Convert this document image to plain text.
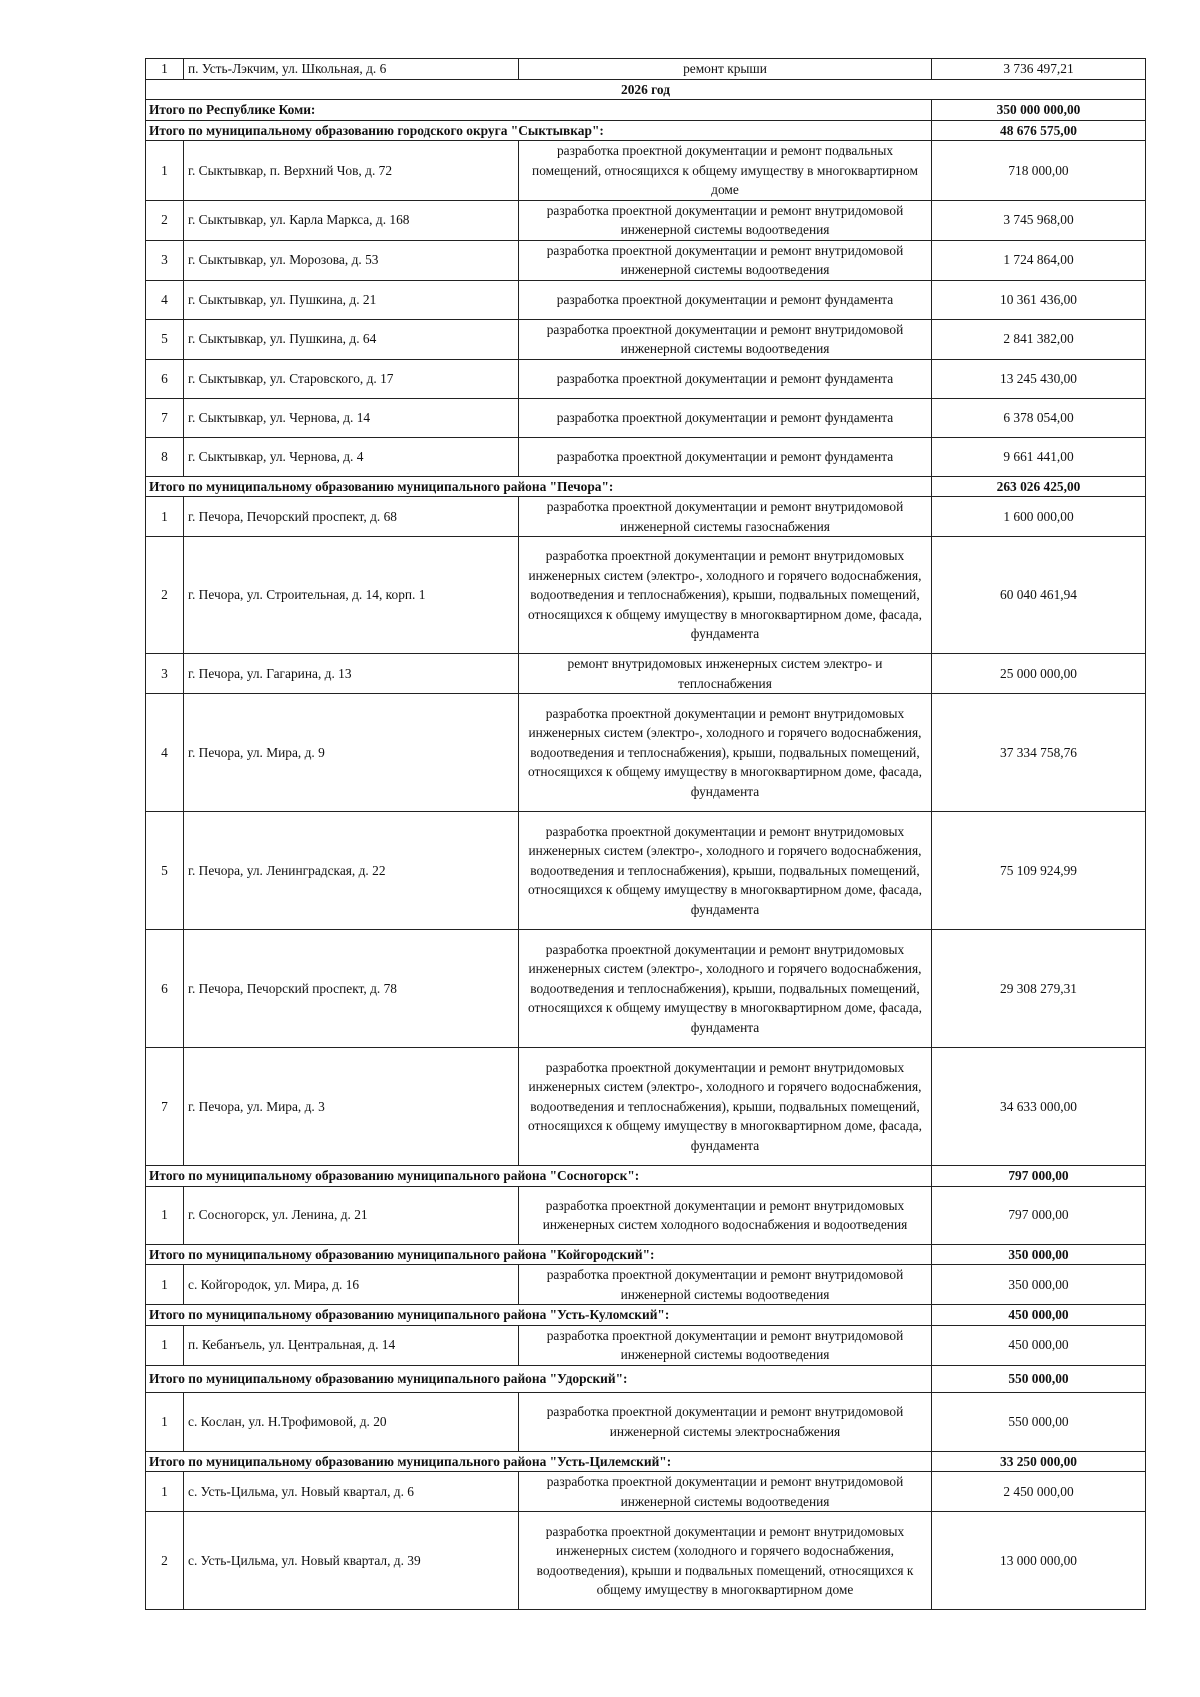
1	п. Усть-Лэкчим, ул. Школьная, д. 6	ремонт крыши	3 736 497,21
2026 год			
Итого по Республике Коми:			350 000 000,00
Итого по муниципальному образованию городского округа "Сыктывкар":			48 676 575,00
1	г. Сыктывкар, п. Верхний Чов, д. 72	разработка проектной документации и ремонт подвальных помещений, относящихся к общему имуществу в многоквартирном доме	718 000,00
2	г. Сыктывкар, ул. Карла Маркса, д. 168	разработка проектной документации и ремонт внутридомовой инженерной системы водоотведения	3 745 968,00
3	г. Сыктывкар, ул. Морозова, д. 53	разработка проектной документации и ремонт внутридомовой инженерной системы водоотведения	1 724 864,00
4	г. Сыктывкар, ул. Пушкина, д. 21	разработка проектной документации и ремонт фундамента	10 361 436,00
5	г. Сыктывкар, ул. Пушкина, д. 64	разработка проектной документации и ремонт внутридомовой инженерной системы водоотведения	2 841 382,00
6	г. Сыктывкар, ул. Старовского, д. 17	разработка проектной документации и ремонт фундамента	13 245 430,00
7	г. Сыктывкар, ул. Чернова, д. 14	разработка проектной документации и ремонт фундамента	6 378 054,00
8	г. Сыктывкар, ул. Чернова, д. 4	разработка проектной документации и ремонт фундамента	9 661 441,00
Итого по муниципальному образованию муниципального района "Печора":			263 026 425,00
1	г. Печора, Печорский проспект, д. 68	разработка проектной документации и ремонт внутридомовой инженерной системы газоснабжения	1 600 000,00
2	г. Печора, ул. Строительная, д. 14, корп. 1	разработка проектной документации и ремонт внутридомовых инженерных систем (электро-, холодного и горячего водоснабжения, водоотведения и теплоснабжения), крыши, подвальных помещений, относящихся к общему имуществу в многоквартирном доме, фасада, фундамента	60 040 461,94
3	г. Печора, ул. Гагарина, д. 13	ремонт внутридомовых инженерных систем электро- и теплоснабжения	25 000 000,00
4	г. Печора, ул. Мира, д. 9	разработка проектной документации и ремонт внутридомовых инженерных систем (электро-, холодного и горячего водоснабжения, водоотведения и теплоснабжения), крыши, подвальных помещений, относящихся к общему имуществу в многоквартирном доме, фасада, фундамента	37 334 758,76
5	г. Печора, ул. Ленинградская, д. 22	разработка проектной документации и ремонт внутридомовых инженерных систем (электро-, холодного и горячего водоснабжения, водоотведения и теплоснабжения), крыши, подвальных помещений, относящихся к общему имуществу в многоквартирном доме, фасада, фундамента	75 109 924,99
6	г. Печора, Печорский проспект, д. 78	разработка проектной документации и ремонт внутридомовых инженерных систем (электро-, холодного и горячего водоснабжения, водоотведения и теплоснабжения), крыши, подвальных помещений, относящихся к общему имуществу в многоквартирном доме, фасада, фундамента	29 308 279,31
7	г. Печора, ул. Мира, д. 3	разработка проектной документации и ремонт внутридомовых инженерных систем (электро-, холодного и горячего водоснабжения, водоотведения и теплоснабжения), крыши, подвальных помещений, относящихся к общему имуществу в многоквартирном доме, фасада, фундамента	34 633 000,00
Итого по муниципальному образованию муниципального района "Сосногорск":			797 000,00
1	г. Сосногорск, ул. Ленина, д. 21	разработка проектной документации и ремонт внутридомовых инженерных систем холодного водоснабжения и водоотведения	797 000,00
Итого по муниципальному образованию муниципального района "Койгородский":			350 000,00
1	с. Койгородок, ул. Мира, д. 16	разработка проектной документации и ремонт внутридомовой инженерной системы водоотведения	350 000,00
Итого по муниципальному образованию муниципального района "Усть-Куломский":			450 000,00
1	п. Кебанъель, ул. Центральная, д. 14	разработка проектной документации и ремонт внутридомовой инженерной системы водоотведения	450 000,00
Итого по муниципальному образованию муниципального района "Удорский":			550 000,00
1	с. Кослан, ул. Н.Трофимовой, д. 20	разработка проектной документации и ремонт внутридомовой инженерной системы электроснабжения	550 000,00
Итого по муниципальному образованию муниципального района "Усть-Цилемский":			33 250 000,00
1	с. Усть-Цильма, ул. Новый квартал, д. 6	разработка проектной документации и ремонт внутридомовой инженерной системы водоотведения	2 450 000,00
2	с. Усть-Цильма, ул. Новый квартал, д. 39	разработка проектной документации и ремонт внутридомовых инженерных систем (холодного и горячего водоснабжения, водоотведения), крыши и подвальных помещений, относящихся к общему имуществу в многоквартирном доме	13 000 000,00
